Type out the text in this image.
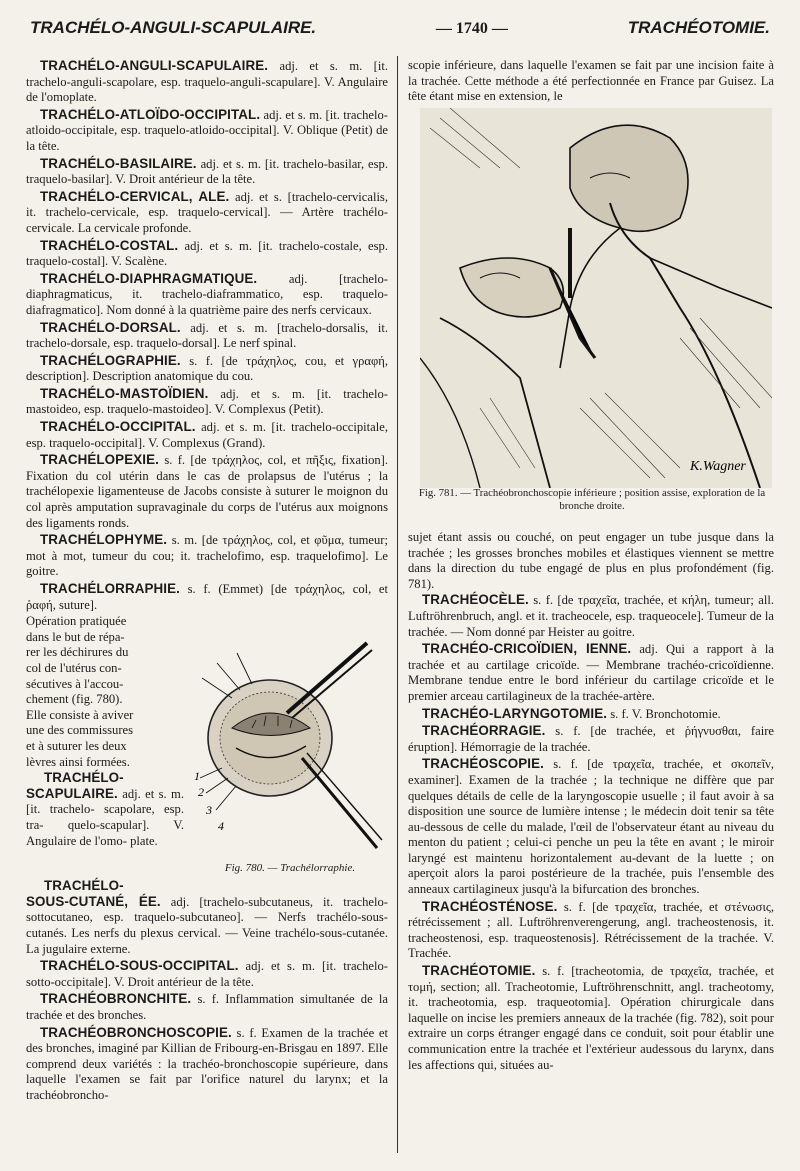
TRACHÉLO-ANGULI-SCAPULAIRE.	— 1740 —	TRACHÉOTOMIE.
TRACHÉLO-ANGULI-SCAPULAIRE. adj. et s. m. [it. trachelo-anguli-scapolare, esp. traquelo-anguli-scapulare]. V. Angulaire de l'omoplate.
TRACHÉLO-ATLOÏDO-OCCIPITAL. adj. et s. m. [it. trachelo-atloido-occipitale, esp. traquelo-atloido-occipital]. V. Oblique (Petit) de la tête.
TRACHÉLO-BASILAIRE. adj. et s. m. [it. trachelo-basilar, esp. traquelo-basilar]. V. Droit antérieur de la tête.
TRACHÉLO-CERVICAL, ALE. adj. et s. [trachelo-cervicalis, it. trachelo-cervicale, esp. traquelo-cervical]. — Artère trachélo-cervicale. La cervicale profonde.
TRACHÉLO-COSTAL. adj. et s. m. [it. trachelo-costale, esp. traquelo-costal]. V. Scalène.
TRACHÉLO-DIAPHRAGMATIQUE.	adj. [trachelo-diaphragmaticus, it. trachelo-diaframmatico, esp. traquelo-diafragmatico]. Nom donné à la quatrième paire des nerfs cervicaux.
TRACHÉLO-DORSAL. adj. et s. m. [trachelo-dorsalis, it. trachelo-dorsale, esp. traquelo-dorsal]. Le nerf spinal.
TRACHÉLOGRAPHIE. s. f. [de τράχηλος, cou, et γραφή, description]. Description anatomique du cou.
TRACHÉLO-MASTOÏDIEN. adj. et s. m. [it. trachelo-mastoideo, esp. traquelo-mastoideo]. V. Complexus (Petit).
TRACHÉLO-OCCIPITAL. adj. et s. m. [it. trachelo-occipitale, esp. traquelo-occipital]. V. Complexus (Grand).
TRACHÉLOPEXIE. s. f. [de τράχηλος, col, et πῆξις, fixation]. Fixation du col utérin dans le cas de prolapsus de l'utérus ; la trachélopexie ligamenteuse de Jacobs consiste à suturer le moignon du col après amputation supravaginale du corps de l'utérus aux moignons des ligaments ronds.
TRACHÉLOPHYME. s. m. [de τράχηλος, col, et φῦμα, tumeur; mot à mot, tumeur du cou; it. trachelofimo, esp. traquelofimo]. Le goitre.
TRACHÉLORRAPHIE. s. f. (Emmet) [de τράχηλος, col, et ῥαφή, suture].
1
2
3
4
Fig. 780. — Trachélorraphie.
Opération pratiquée
dans le but de répa-
rer les déchirures du
col de l'utérus con-
sécutives à l'accou-
chement (fig. 780).
Elle consiste à aviver
une des commissures
et à suturer les deux
lèvres ainsi formées.
TRACHÉLO-
SCAPULAIRE. adj. et s. m. [it. trachelo- scapolare, esp. tra- quelo-scapular]. V. Angulaire de l'omo- plate.
TRACHÉLO-
SOUS-CUTANÉ, ÉE. adj. [trachelo-subcutaneus, it. trachelo-sottocutaneo, esp. traquelo-subcutaneo]. — Nerfs trachélo-sous-cutanés. Les nerfs du plexus cervical. — Veine trachélo-sous-cutanée. La jugulaire externe.
TRACHÉLO-SOUS-OCCIPITAL. adj. et s. m. [it. trachelo-sotto-occipitale]. V. Droit antérieur de la tête.
TRACHÉOBRONCHITE. s. f. Inflammation simultanée de la trachée et des bronches.
TRACHÉOBRONCHOSCOPIE. s. f. Examen de la trachée et des bronches, imaginé par Killian de Fribourg-en-Brisgau en 1897. Elle comprend deux variétés : la trachéo-bronchoscopie supérieure, dans laquelle l'examen se fait par l'orifice naturel du larynx; et la trachéobroncho-
scopie inférieure, dans laquelle l'examen se fait par une incision faite à la trachée. Cette méthode a été perfectionnée en France par Guisez. La tête étant mise en extension, le
K.Wagner
Fig. 781. — Trachéobronchoscopie inférieure ; position assise, exploration de la bronche droite.
sujet étant assis ou couché, on peut engager un tube jusque dans la trachée ; les grosses bronches mobiles et élastiques viennent se mettre dans la direction du tube engagé de plus en plus profondément (fig. 781).
TRACHÉOCÈLE. s. f. [de τραχεῖα, trachée, et κήλη, tumeur; all. Luftröhrenbruch, angl. et it. tracheocele, esp. traqueocele]. Tumeur de la trachée. — Nom donné par Heister au goitre.
TRACHÉO-CRICOÏDIEN, IENNE. adj. Qui a rapport à la trachée et au cartilage cricoïde. — Membrane trachéo-cricoïdienne. Membrane tendue entre le bord inférieur du cartilage cricoïde et le premier arceau cartilagineux de la trachée-artère.
TRACHÉO-LARYNGOTOMIE. s. f. V. Bronchotomie.
TRACHÉORRAGIE. s. f. [de trachée, et ῥήγνυσθαι, faire éruption]. Hémorragie de la trachée.
TRACHÉOSCOPIE. s. f. [de τραχεῖα, trachée, et σκοπεῖν, examiner]. Examen de la trachée ; la technique ne diffère que par quelques détails de celle de la laryngoscopie usuelle ; il faut avoir à sa disposition une source de lumière intense ; le médecin doit tenir sa tête au-dessous de celle du malade, l'œil de l'observateur étant au niveau du menton du patient ; celui-ci penche un peu la tête en avant ; le miroir laryngé est maintenu horizontalement au-devant de la luette ; on aperçoit alors la paroi postérieure de la trachée, puis l'ensemble des anneaux cartilagineux jusqu'à la bifurcation des bronches.
TRACHÉOSTÉNOSE. s. f. [de τραχεῖα, trachée, et στένωσις, rétrécissement ; all. Luftröhrenverengerung, angl. tracheostenosis, it. tracheostenosi, esp. traqueostenosis]. Rétrécissement de la trachée. V. Trachée.
TRACHÉOTOMIE. s. f. [tracheotomia, de τραχεῖα, trachée, et τομή, section; all. Tracheotomie, Luftröhrenschnitt, angl. tracheotomy, it. tracheotomia, esp. traqueotomia]. Opération chirurgicale dans laquelle on incise les premiers anneaux de la trachée (fig. 782), soit pour extraire un corps étranger engagé dans ce conduit, soit pour établir une communication entre la trachée et l'extérieur audessous du larynx, dans les affections qui, situées au-
